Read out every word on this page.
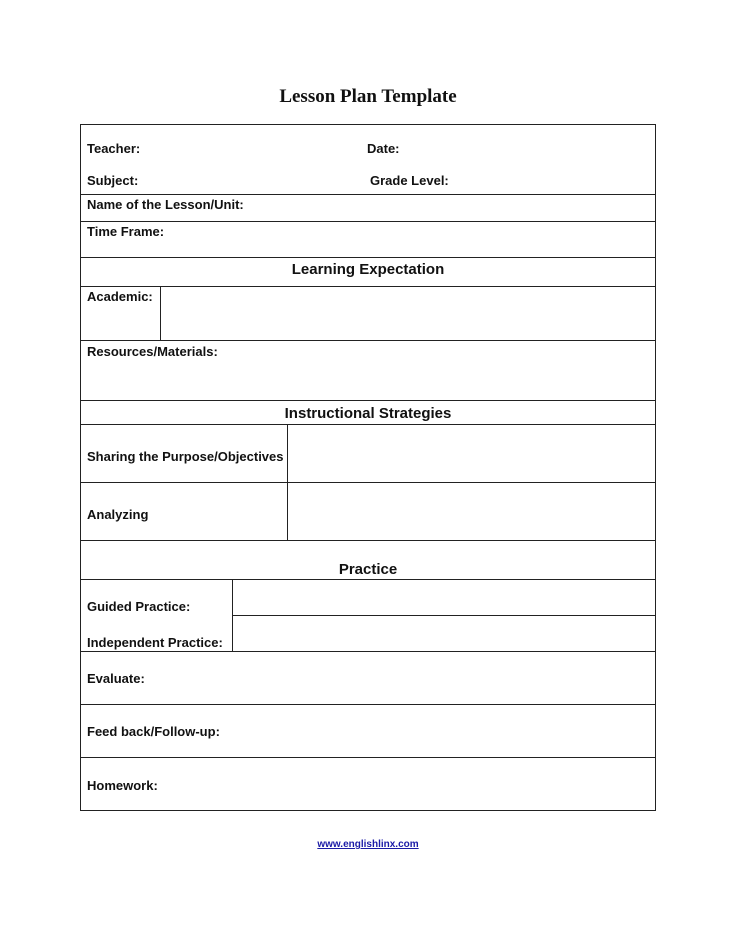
Lesson Plan Template
Teacher:	Date:
Subject:	Grade Level:
Name of the Lesson/Unit:
Time Frame:
Learning Expectation
Academic:
Resources/Materials:
Instructional Strategies
Sharing the Purpose/Objectives
Analyzing
Practice
Guided Practice:
Independent Practice:
Evaluate:
Feed back/Follow-up:
Homework:
www.englishlinx.com
